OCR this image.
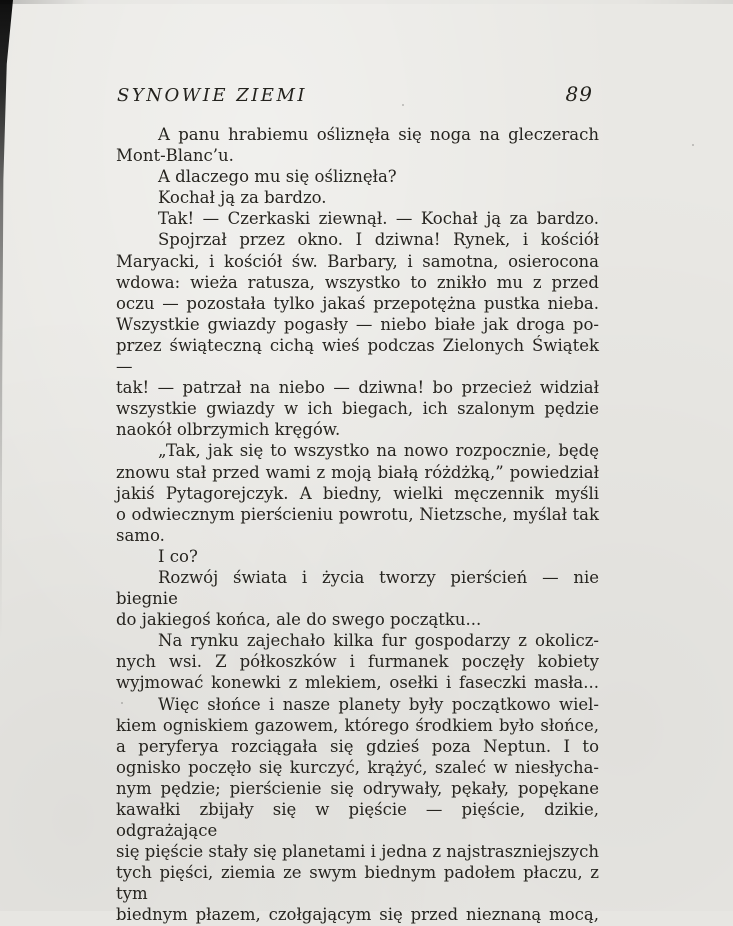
SYNOWIE ZIEMI	89
A panu hrabiemu ośliznęła się noga na gleczerach
Mont-Blanc’u.
A dlaczego mu się ośliznęła?
Kochał ją za bardzo.
Tak! — Czerkaski ziewnął. — Kochał ją za bardzo.
Spojrzał przez okno. I dziwna! Rynek, i kościół
Maryacki, i kościół św. Barbary, i samotna, osierocona
wdowa: wieża ratusza, wszystko to znikło mu z przed
oczu — pozostała tylko jakaś przepotężna pustka nieba.
Wszystkie gwiazdy pogasły — niebo białe jak droga po-
przez świąteczną cichą wieś podczas Zielonych Świątek —
tak! — patrzał na niebo — dziwna! bo przecież widział
wszystkie gwiazdy w ich biegach, ich szalonym pędzie
naokół olbrzymich kręgów.
„Tak, jak się to wszystko na nowo rozpocznie, będę
znowu stał przed wami z moją białą różdżką,” powiedział
jakiś Pytagorejczyk. A biedny, wielki męczennik myśli
o odwiecznym pierścieniu powrotu, Nietzsche, myślał tak
samo.
I co?
Rozwój świata i życia tworzy pierścień — nie biegnie
do jakiegoś końca, ale do swego początku...
Na rynku zajechało kilka fur gospodarzy z okolicz-
nych wsi. Z półkoszków i furmanek poczęły kobiety
wyjmować konewki z mlekiem, osełki i faseczki masła...
Więc słońce i nasze planety były początkowo wiel-
kiem ogniskiem gazowem, którego środkiem było słońce,
a peryferya rozciągała się gdzieś poza Neptun. I to
ognisko poczęło się kurczyć, krążyć, szaleć w niesłycha-
nym pędzie; pierścienie się odrywały, pękały, popękane
kawałki zbijały się w pięście — pięście, dzikie, odgrażające
się pięście stały się planetami i jedna z najstraszniejszych
tych pięści, ziemia ze swym biednym padołem płaczu, z tym
biednym płazem, czołgającym się przed nieznaną mocą,
